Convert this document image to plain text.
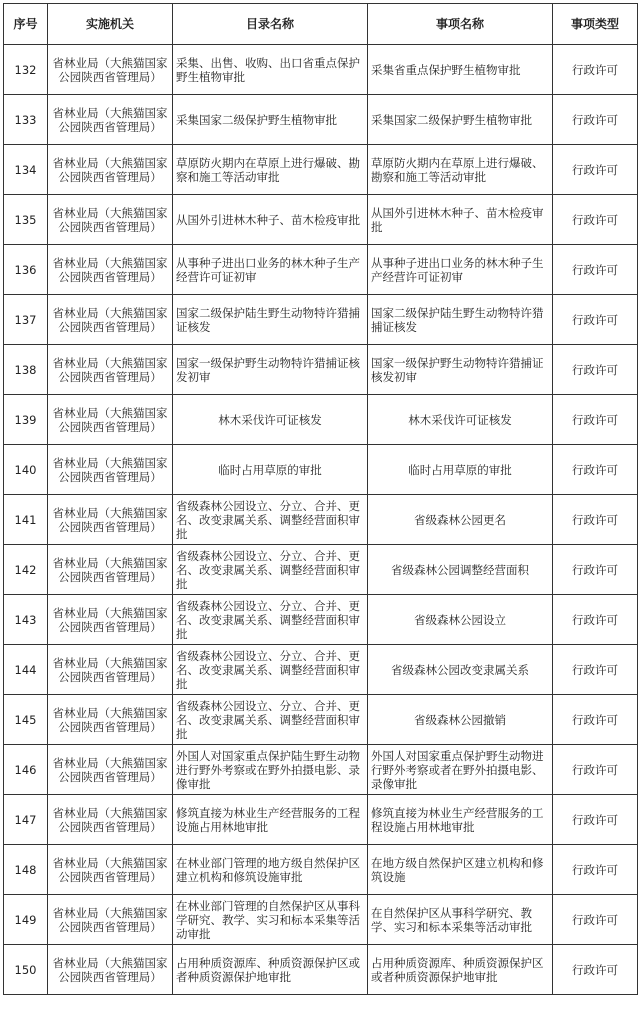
序号	实施机关	目录名称	事项名称	事项类型
132	省林业局（大熊猫国家公园陕西省管理局）	采集、出售、收购、出口省重点保护野生植物审批	采集省重点保护野生植物审批	行政许可
133	省林业局（大熊猫国家公园陕西省管理局）	采集国家二级保护野生植物审批	采集国家二级保护野生植物审批	行政许可
134	省林业局（大熊猫国家公园陕西省管理局）	草原防火期内在草原上进行爆破、勘察和施工等活动审批	草原防火期内在草原上进行爆破、勘察和施工等活动审批	行政许可
135	省林业局（大熊猫国家公园陕西省管理局）	从国外引进林木种子、苗木检疫审批	从国外引进林木种子、苗木检疫审批	行政许可
136	省林业局（大熊猫国家公园陕西省管理局）	从事种子进出口业务的林木种子生产经营许可证初审	从事种子进出口业务的林木种子生产经营许可证初审	行政许可
137	省林业局（大熊猫国家公园陕西省管理局）	国家二级保护陆生野生动物特许猎捕证核发	国家二级保护陆生野生动物特许猎捕证核发	行政许可
138	省林业局（大熊猫国家公园陕西省管理局）	国家一级保护野生动物特许猎捕证核发初审	国家一级保护野生动物特许猎捕证核发初审	行政许可
139	省林业局（大熊猫国家公园陕西省管理局）	林木采伐许可证核发	林木采伐许可证核发	行政许可
140	省林业局（大熊猫国家公园陕西省管理局）	临时占用草原的审批	临时占用草原的审批	行政许可
141	省林业局（大熊猫国家公园陕西省管理局）	省级森林公园设立、分立、合并、更名、改变隶属关系、调整经营面积审批	省级森林公园更名	行政许可
142	省林业局（大熊猫国家公园陕西省管理局）	省级森林公园设立、分立、合并、更名、改变隶属关系、调整经营面积审批	省级森林公园调整经营面积	行政许可
143	省林业局（大熊猫国家公园陕西省管理局）	省级森林公园设立、分立、合并、更名、改变隶属关系、调整经营面积审批	省级森林公园设立	行政许可
144	省林业局（大熊猫国家公园陕西省管理局）	省级森林公园设立、分立、合并、更名、改变隶属关系、调整经营面积审批	省级森林公园改变隶属关系	行政许可
145	省林业局（大熊猫国家公园陕西省管理局）	省级森林公园设立、分立、合并、更名、改变隶属关系、调整经营面积审批	省级森林公园撤销	行政许可
146	省林业局（大熊猫国家公园陕西省管理局）	外国人对国家重点保护陆生野生动物进行野外考察或在野外拍摄电影、录像审批	外国人对国家重点保护野生动物进行野外考察或者在野外拍摄电影、录像审批	行政许可
147	省林业局（大熊猫国家公园陕西省管理局）	修筑直接为林业生产经营服务的工程设施占用林地审批	修筑直接为林业生产经营服务的工程设施占用林地审批	行政许可
148	省林业局（大熊猫国家公园陕西省管理局）	在林业部门管理的地方级自然保护区建立机构和修筑设施审批	在地方级自然保护区建立机构和修筑设施	行政许可
149	省林业局（大熊猫国家公园陕西省管理局）	在林业部门管理的自然保护区从事科学研究、教学、实习和标本采集等活动审批	在自然保护区从事科学研究、教学、实习和标本采集等活动审批	行政许可
150	省林业局（大熊猫国家公园陕西省管理局）	占用种质资源库、种质资源保护区或者种质资源保护地审批	占用种质资源库、种质资源保护区或者种质资源保护地审批	行政许可
